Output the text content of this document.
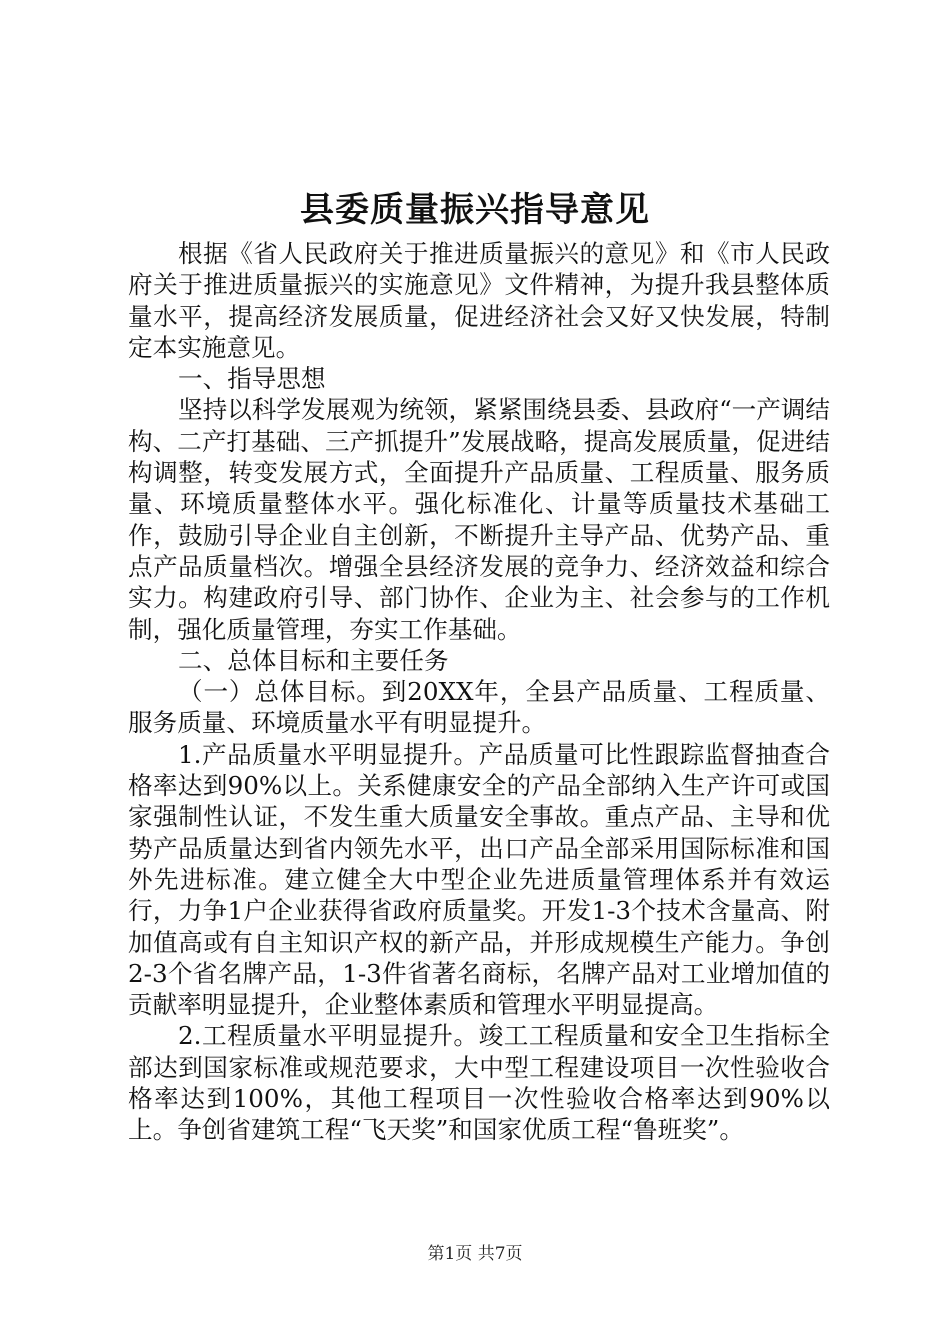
县委质量振兴指导意见

根据《省人民政府关于推进质量振兴的意见》和《市人民政府关于推进质量振兴的实施意见》文件精神，为提升我县整体质量水平，提高经济发展质量，促进经济社会又好又快发展，特制定本实施意见。

一、指导思想

坚持以科学发展观为统领，紧紧围绕县委、县政府“一产调结构、二产打基础、三产抓提升”发展战略，提高发展质量，促进结构调整，转变发展方式，全面提升产品质量、工程质量、服务质量、环境质量整体水平。强化标准化、计量等质量技术基础工作，鼓励引导企业自主创新，不断提升主导产品、优势产品、重点产品质量档次。增强全县经济发展的竞争力、经济效益和综合实力。构建政府引导、部门协作、企业为主、社会参与的工作机制，强化质量管理，夯实工作基础。

二、总体目标和主要任务

（一）总体目标。到20XX年，全县产品质量、工程质量、服务质量、环境质量水平有明显提升。

1.产品质量水平明显提升。产品质量可比性跟踪监督抽查合格率达到90%以上。关系健康安全的产品全部纳入生产许可或国家强制性认证，不发生重大质量安全事故。重点产品、主导和优势产品质量达到省内领先水平，出口产品全部采用国际标准和国外先进标准。建立健全大中型企业先进质量管理体系并有效运行，力争1户企业获得省政府质量奖。开发1-3个技术含量高、附加值高或有自主知识产权的新产品，并形成规模生产能力。争创2-3个省名牌产品，1-3件省著名商标，名牌产品对工业增加值的贡献率明显提升，企业整体素质和管理水平明显提高。

2.工程质量水平明显提升。竣工工程质量和安全卫生指标全部达到国家标准或规范要求，大中型工程建设项目一次性验收合格率达到100%，其他工程项目一次性验收合格率达到90%以上。争创省建筑工程“飞天奖”和国家优质工程“鲁班奖”。

第1页 共7页
